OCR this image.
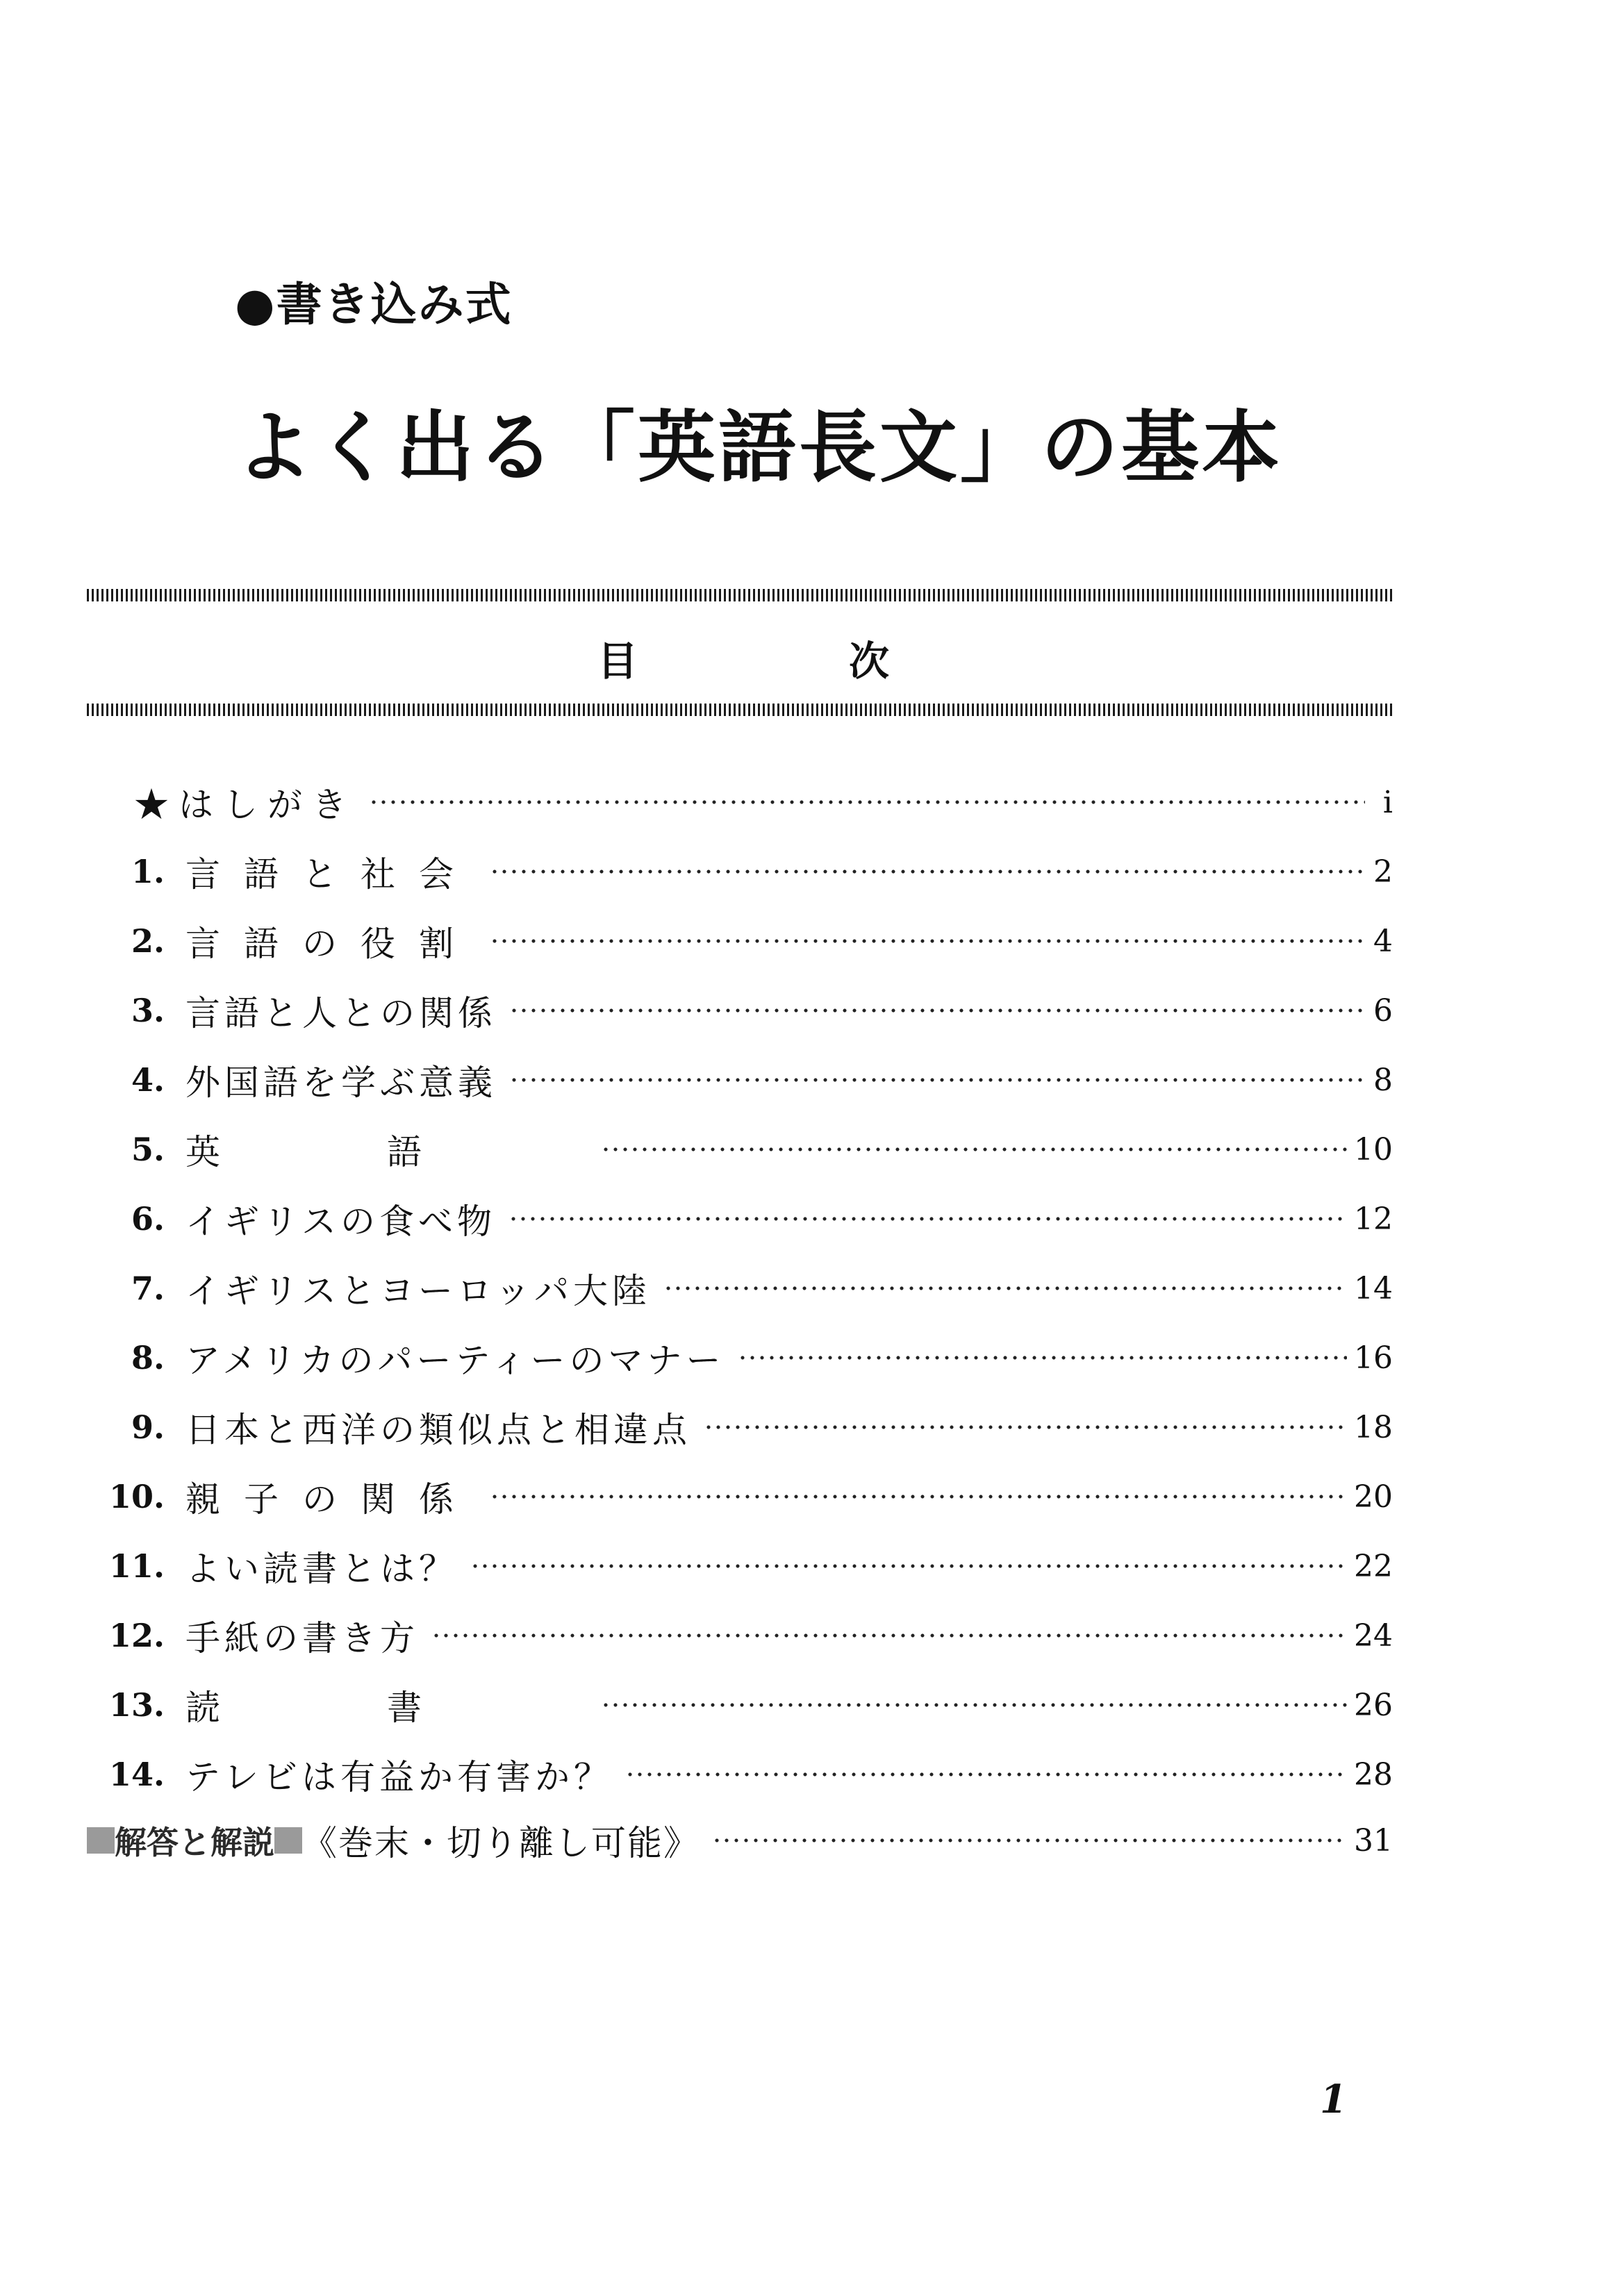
●書き込み式
よく出る「英語長文」の基本
目	次
★はしがき	i
1. 言語と社会	2
2. 言語の役割	4
3. 言語と人との関係	6
4. 外国語を学ぶ意義	8
5. 英語	10
6. イギリスの食べ物	12
7. イギリスとヨーロッパ大陸	14
8. アメリカのパーティーのマナー	16
9. 日本と西洋の類似点と相違点	18
10. 親子の関係	20
11. よい読書とは？	22
12. 手紙の書き方	24
13. 読書	26
14. テレビは有益か有害か？	28
解答と解説 《巻末・切り離し可能》	31
1
